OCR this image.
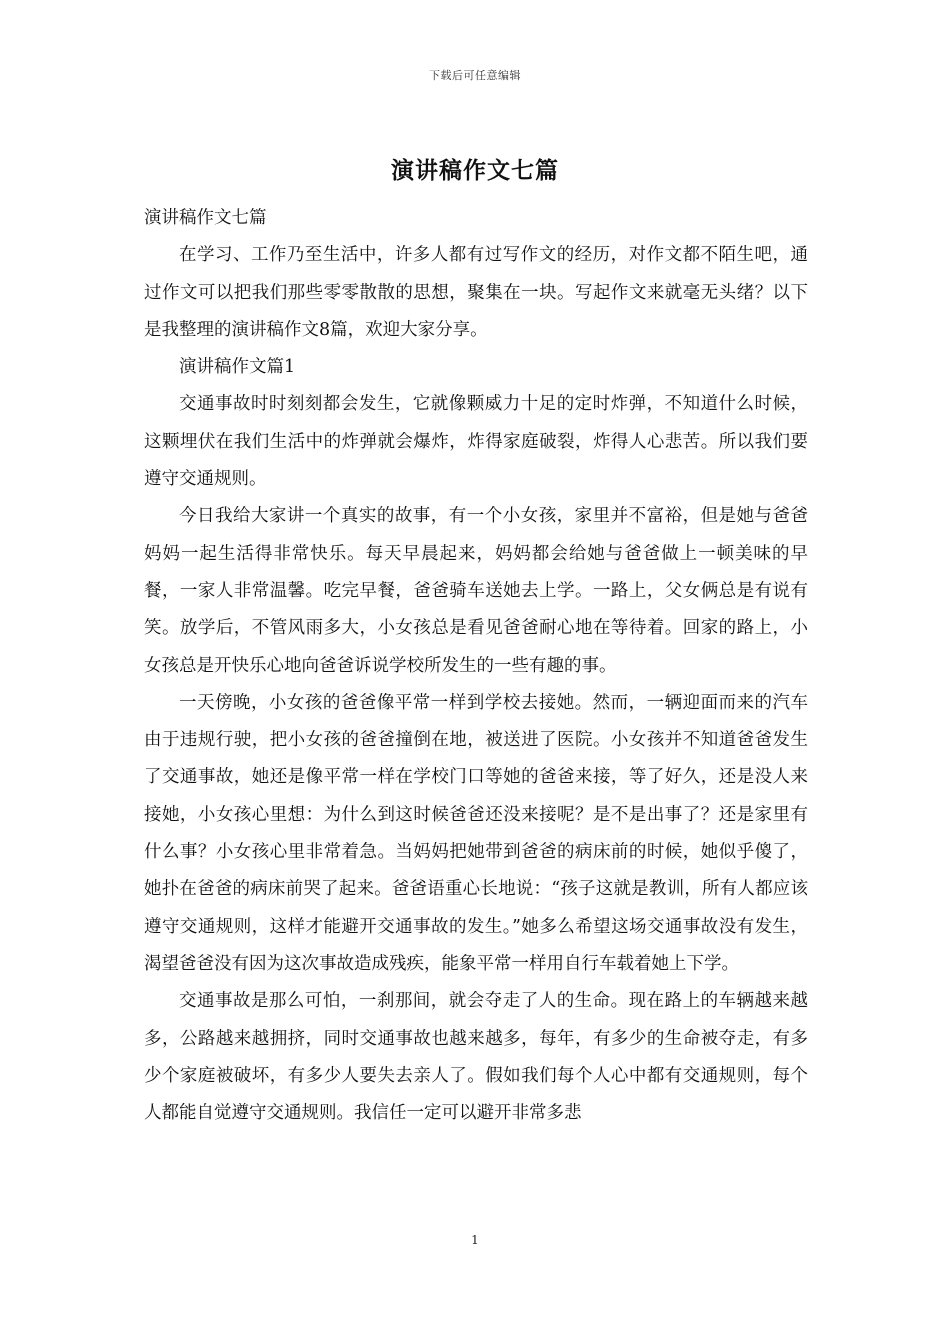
下载后可任意编辑
演讲稿作文七篇

演讲稿作文七篇

在学习、工作乃至生活中，许多人都有过写作文的经历，对作文都不陌生吧，通过作文可以把我们那些零零散散的思想，聚集在一块。写起作文来就毫无头绪？以下是我整理的演讲稿作文8篇，欢迎大家分享。

演讲稿作文篇1

交通事故时时刻刻都会发生，它就像颗威力十足的定时炸弹，不知道什么时候，这颗埋伏在我们生活中的炸弹就会爆炸，炸得家庭破裂，炸得人心悲苦。所以我们要遵守交通规则。

今日我给大家讲一个真实的故事，有一个小女孩，家里并不富裕，但是她与爸爸妈妈一起生活得非常快乐。每天早晨起来，妈妈都会给她与爸爸做上一顿美味的早餐，一家人非常温馨。吃完早餐，爸爸骑车送她去上学。一路上，父女俩总是有说有笑。放学后，不管风雨多大，小女孩总是看见爸爸耐心地在等待着。回家的路上，小女孩总是开快乐心地向爸爸诉说学校所发生的一些有趣的事。

一天傍晚，小女孩的爸爸像平常一样到学校去接她。然而，一辆迎面而来的汽车由于违规行驶，把小女孩的爸爸撞倒在地，被送进了医院。小女孩并不知道爸爸发生了交通事故，她还是像平常一样在学校门口等她的爸爸来接，等了好久，还是没人来接她，小女孩心里想：为什么到这时候爸爸还没来接呢？是不是出事了？还是家里有什么事？小女孩心里非常着急。当妈妈把她带到爸爸的病床前的时候，她似乎傻了，她扑在爸爸的病床前哭了起来。爸爸语重心长地说：“孩子这就是教训，所有人都应该遵守交通规则，这样才能避开交通事故的发生。”她多么希望这场交通事故没有发生，渴望爸爸没有因为这次事故造成残疾，能象平常一样用自行车载着她上下学。

交通事故是那么可怕，一刹那间，就会夺走了人的生命。现在路上的车辆越来越多，公路越来越拥挤，同时交通事故也越来越多，每年，有多少的生命被夺走，有多少个家庭被破坏，有多少人要失去亲人了。假如我们每个人心中都有交通规则，每个人都能自觉遵守交通规则。我信任一定可以避开非常多悲

1
